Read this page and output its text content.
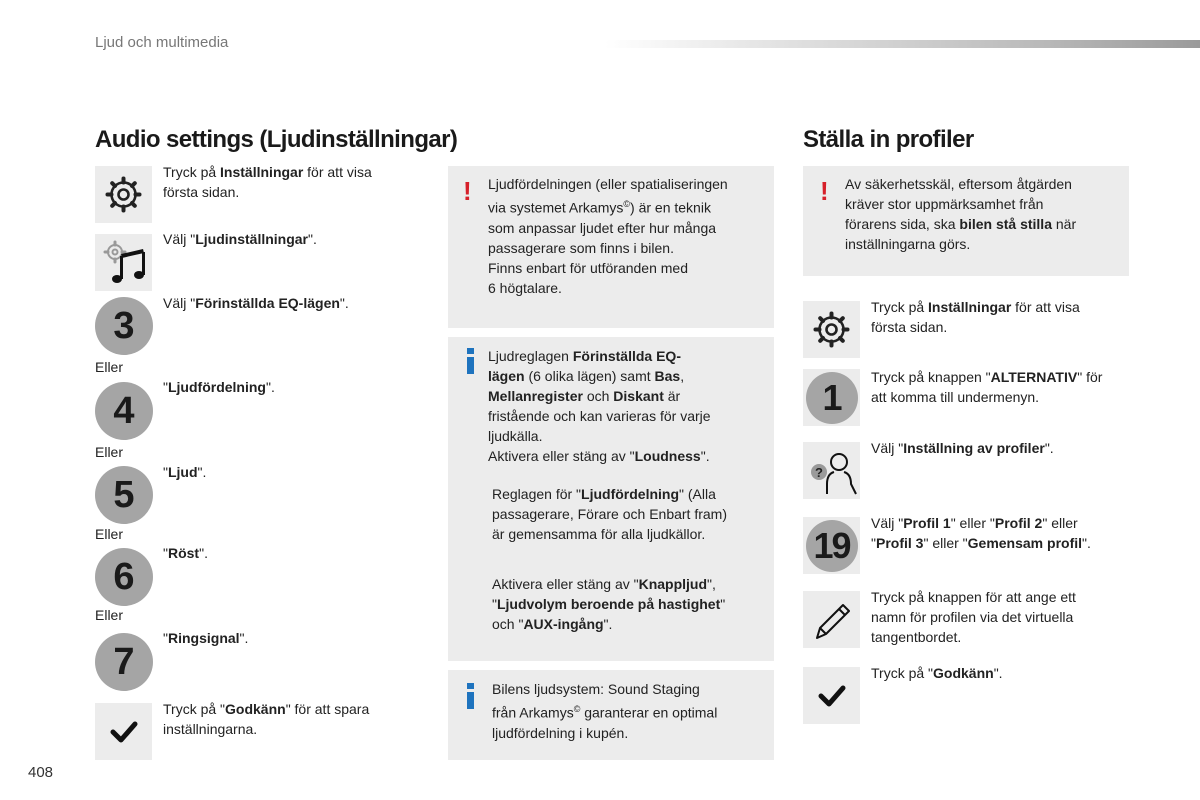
Ljud och multimedia
Audio settings (Ljudinställningar)
Tryck på Inställningar för att visa
första sidan.
Välj "Ljudinställningar".
3
Välj "Förinställda EQ-lägen".
Eller
4
"Ljudfördelning".
Eller
5
"Ljud".
Eller
6
"Röst".
Eller
7
"Ringsignal".
Tryck på "Godkänn" för att spara
inställningarna.
! Ljudfördelningen (eller spatialiseringen
via systemet Arkamys©) är en teknik
som anpassar ljudet efter hur många
passagerare som finns i bilen.
Finns enbart för utföranden med
6 högtalare.
Ljudreglagen Förinställda EQ-
lägen (6 olika lägen) samt Bas,
Mellanregister och Diskant är
fristående och kan varieras för varje
ljudkälla.
Aktivera eller stäng av "Loudness".
Reglagen för "Ljudfördelning" (Alla
passagerare, Förare och Enbart fram)
är gemensamma för alla ljudkällor.
Aktivera eller stäng av "Knappljud",
"Ljudvolym beroende på hastighet"
och "AUX-ingång".
Bilens ljudsystem: Sound Staging
från Arkamys© garanterar en optimal
ljudfördelning i kupén.
Ställa in profiler
! Av säkerhetsskäl, eftersom åtgärden
kräver stor uppmärksamhet från
förarens sida, ska bilen stå stilla när
inställningarna görs.
Tryck på Inställningar för att visa
första sidan.
1	Tryck på knappen "ALTERNATIV" för
att komma till undermenyn.
?
Välj "Inställning av profiler".
19
Välj "Profil 1" eller "Profil 2" eller
"Profil 3" eller "Gemensam profil".
Tryck på knappen för att ange ett
namn för profilen via det virtuella
tangentbordet.
Tryck på "Godkänn".
408
